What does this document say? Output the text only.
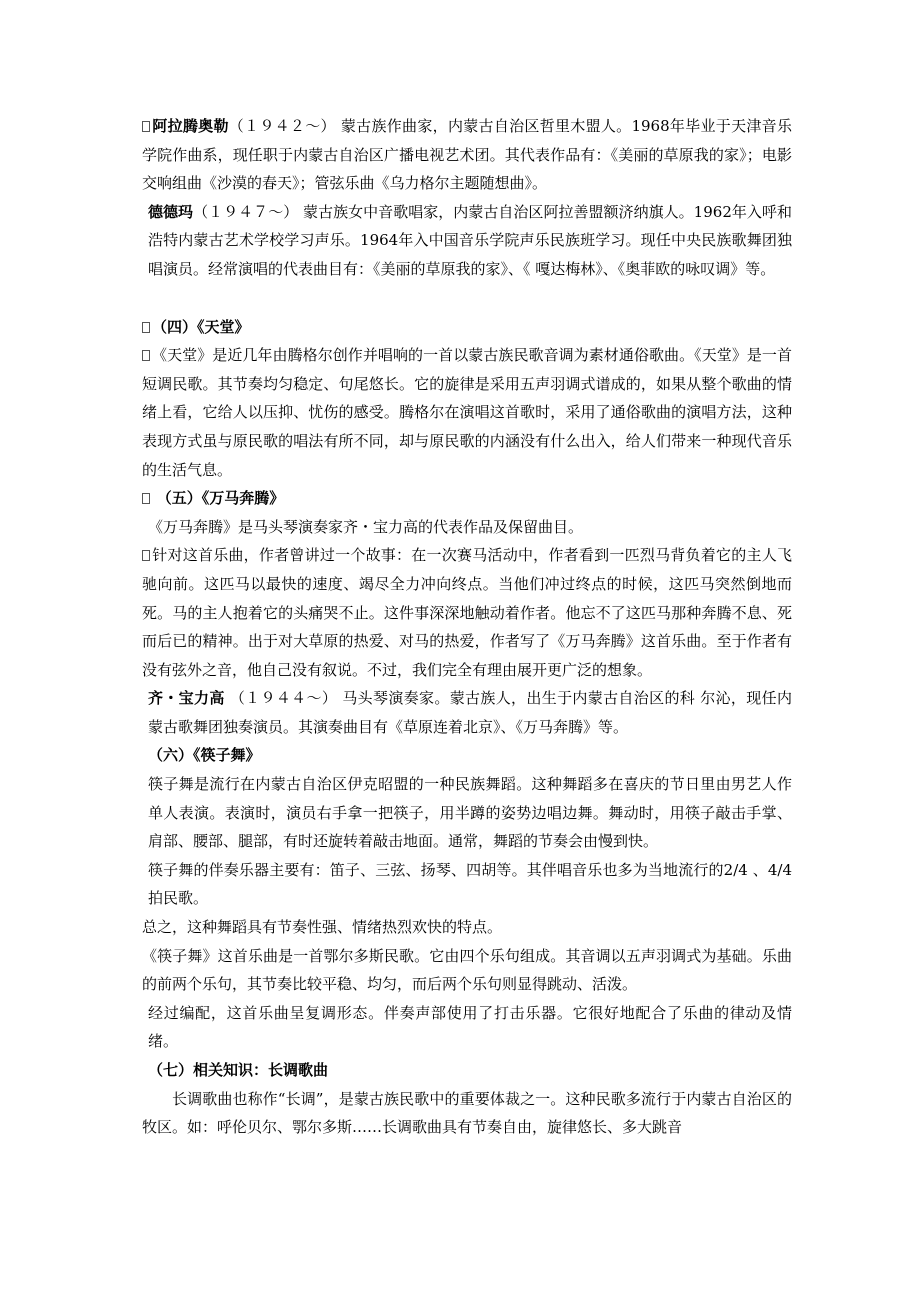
阿拉腾奥勒（１９４２～） 蒙古族作曲家，内蒙古自治区哲里木盟人。1968年毕业于天津音乐学院作曲系，现任职于内蒙古自治区广播电视艺术团。其代表作品有：《美丽的草原我的家》；电影交响组曲《沙漠的春天》；管弦乐曲《乌力格尔主题随想曲》。

德德玛（１９４７～） 蒙古族女中音歌唱家，内蒙古自治区阿拉善盟额济纳旗人。1962年入呼和浩特内蒙古艺术学校学习声乐。1964年入中国音乐学院声乐民族班学习。现任中央民族歌舞团独唱演员。经常演唱的代表曲目有：《美丽的草原我的家》、《 嘎达梅林》、《奥菲欧的咏叹调》等。

（四）《天堂》

《天堂》是近几年由腾格尔创作并唱响的一首以蒙古族民歌音调为素材通俗歌曲。《天堂》是一首短调民歌。其节奏均匀稳定、句尾悠长。它的旋律是采用五声羽调式谱成的，如果从整个歌曲的情绪上看，它给人以压抑、忧伤的感受。腾格尔在演唱这首歌时，采用了通俗歌曲的演唱方法，这种表现方式虽与原民歌的唱法有所不同，却与原民歌的内涵没有什么出入，给人们带来一种现代音乐的生活气息。

（五）《万马奔腾》

《万马奔腾》是马头琴演奏家齐・宝力高的代表作品及保留曲目。

针对这首乐曲，作者曾讲过一个故事：在一次赛马活动中，作者看到一匹烈马背负着它的主人飞驰向前。这匹马以最快的速度、竭尽全力冲向终点。当他们冲过终点的时候，这匹马突然倒地而死。马的主人抱着它的头痛哭不止。这件事深深地触动着作者。他忘不了这匹马那种奔腾不息、死而后已的精神。出于对大草原的热爱、对马的热爱，作者写了《万马奔腾》这首乐曲。至于作者有没有弦外之音，他自己没有叙说。不过，我们完全有理由展开更广泛的想象。

齐・宝力高 （１９４４～） 马头琴演奏家。蒙古族人，出生于内蒙古自治区的科 尔沁，现任内蒙古歌舞团独奏演员。其演奏曲目有《草原连着北京》、《万马奔腾》等。

（六）《筷子舞》

筷子舞是流行在内蒙古自治区伊克昭盟的一种民族舞蹈。这种舞蹈多在喜庆的节日里由男艺人作单人表演。表演时，演员右手拿一把筷子，用半蹲的姿势边唱边舞。舞动时，用筷子敲击手掌、肩部、腰部、腿部，有时还旋转着敲击地面。通常，舞蹈的节奏会由慢到快。

筷子舞的伴奏乐器主要有：笛子、三弦、扬琴、四胡等。其伴唱音乐也多为当地流行的2/4 、4/4拍民歌。

总之，这种舞蹈具有节奏性强、情绪热烈欢快的特点。

《筷子舞》这首乐曲是一首鄂尔多斯民歌。它由四个乐句组成。其音调以五声羽调式为基础。乐曲的前两个乐句，其节奏比较平稳、均匀，而后两个乐句则显得跳动、活泼。

经过编配，这首乐曲呈复调形态。伴奏声部使用了打击乐器。它很好地配合了乐曲的律动及情绪。

（七）相关知识：长调歌曲

长调歌曲也称作“长调”，是蒙古族民歌中的重要体裁之一。这种民歌多流行于内蒙古自治区的牧区。如：呼伦贝尔、鄂尔多斯……长调歌曲具有节奏自由，旋律悠长、多大跳音
